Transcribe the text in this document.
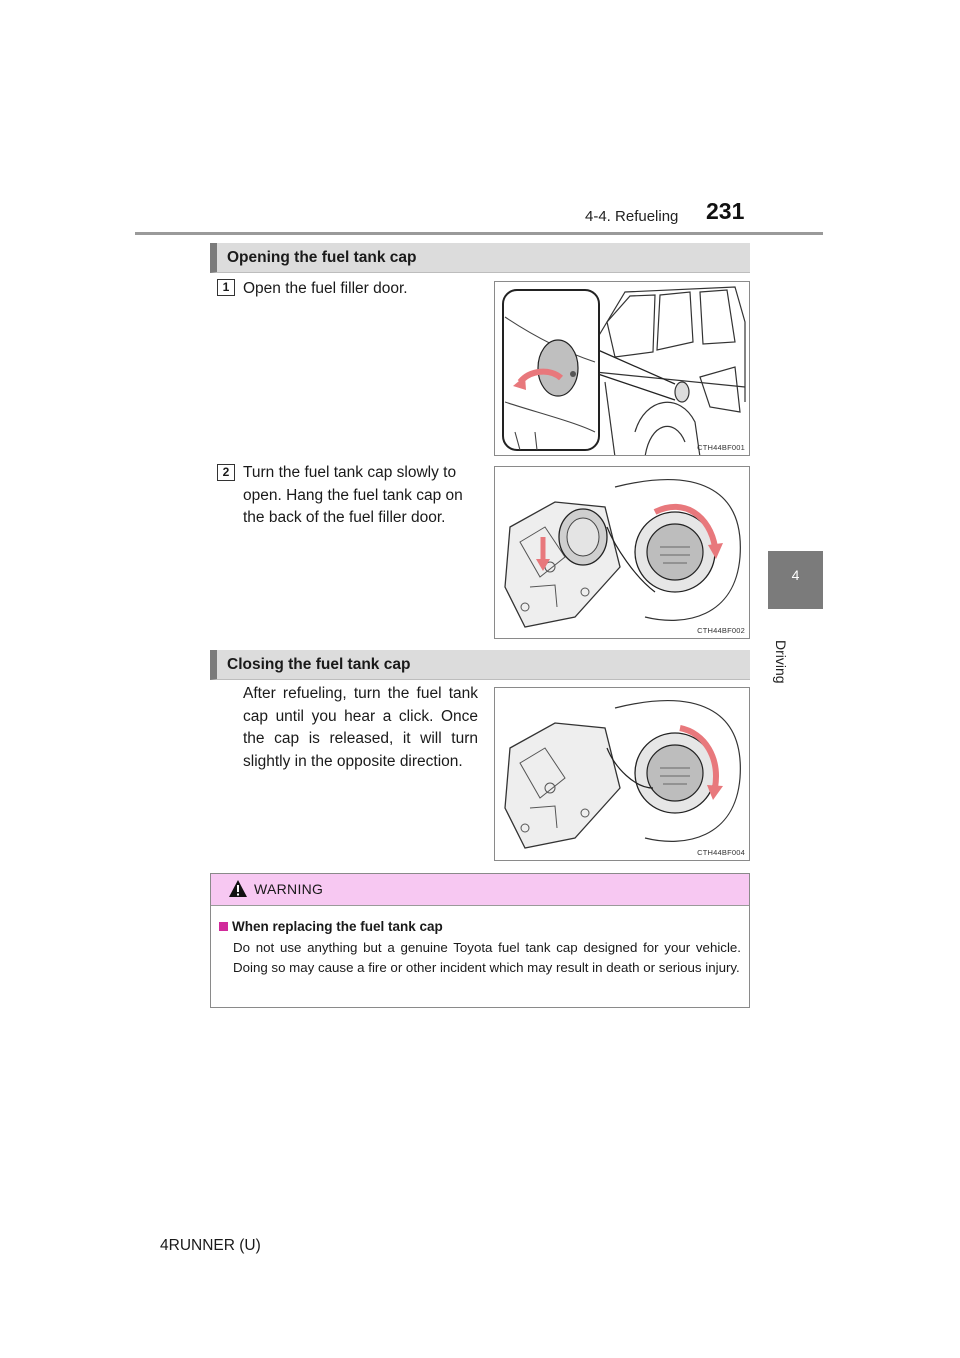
4-4. Refueling 231
4
Driving
Opening the fuel tank cap
1 Open the fuel filler door.
CTH44BF001
2 Turn the fuel tank cap slowly to open. Hang the fuel tank cap on the back of the fuel filler door.
CTH44BF002
Closing the fuel tank cap
After refueling, turn the fuel tank cap until you hear a click. Once the cap is released, it will turn slightly in the opposite direction.
CTH44BF004
WARNING
When replacing the fuel tank cap
Do not use anything but a genuine Toyota fuel tank cap designed for your vehicle. Doing so may cause a fire or other incident which may result in death or serious injury.
4RUNNER (U)
